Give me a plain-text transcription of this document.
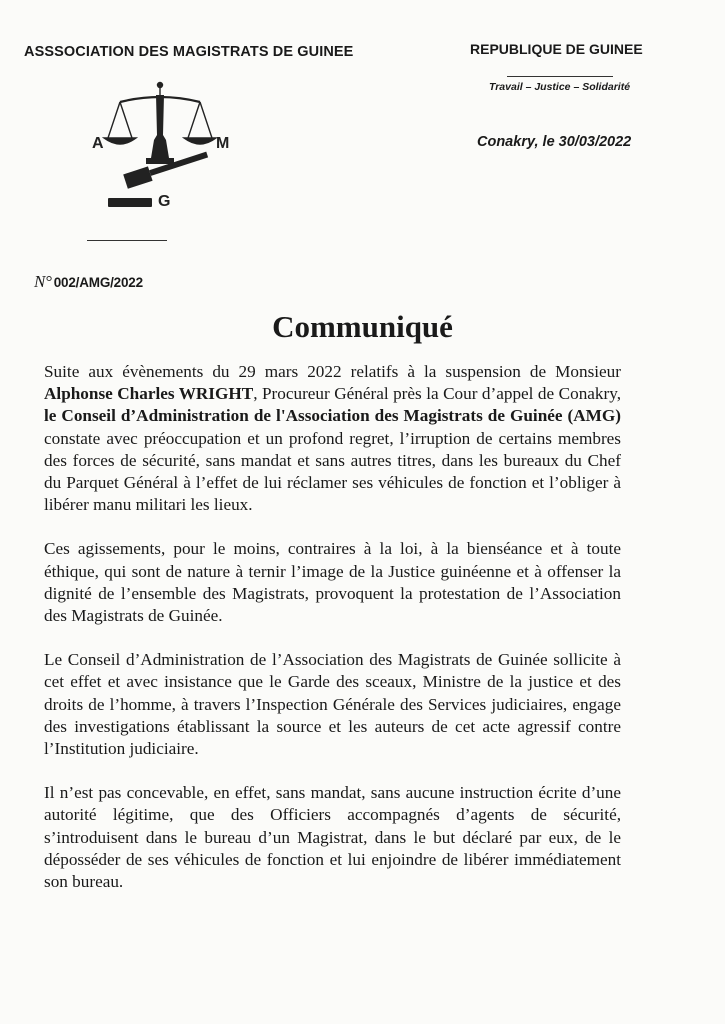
ASSSOCIATION DES MAGISTRATS DE GUINEE	REPUBLIQUE DE GUINEE
Travail – Justice – Solidarité
Conakry, le 30/03/2022
A	M
G
N° 002/AMG/2022
Communiqué

Suite aux évènements du 29 mars 2022 relatifs à la suspension de Monsieur Alphonse Charles WRIGHT, Procureur Général près la Cour d’appel de Conakry, le Conseil d’Administration de l'Association des Magistrats de Guinée (AMG) constate avec préoccupation et un profond regret, l’irruption de certains membres des forces de sécurité, sans mandat et sans autres titres, dans les bureaux du Chef du Parquet Général à l’effet de lui réclamer ses véhicules de fonction et l’obliger à libérer manu militari les lieux.

Ces agissements, pour le moins, contraires à la loi, à la bienséance et à toute éthique, qui sont de nature à ternir l’image de la Justice guinéenne et à offenser la dignité de l’ensemble des Magistrats, provoquent la protestation de l’Association des Magistrats de Guinée.

Le Conseil d’Administration de l’Association des Magistrats de Guinée sollicite à cet effet et avec insistance que le Garde des sceaux, Ministre de la justice et des droits de l’homme, à travers l’Inspection Générale des Services judiciaires, engage des investigations établissant la source et les auteurs de cet acte agressif contre l’Institution judiciaire.

Il n’est pas concevable, en effet, sans mandat, sans aucune instruction écrite d’une autorité légitime, que des Officiers accompagnés d’agents de sécurité, s’introduisent dans le bureau d’un Magistrat, dans le but déclaré par eux, de le déposséder de ses véhicules de fonction et lui enjoindre de libérer immédiatement son bureau.
